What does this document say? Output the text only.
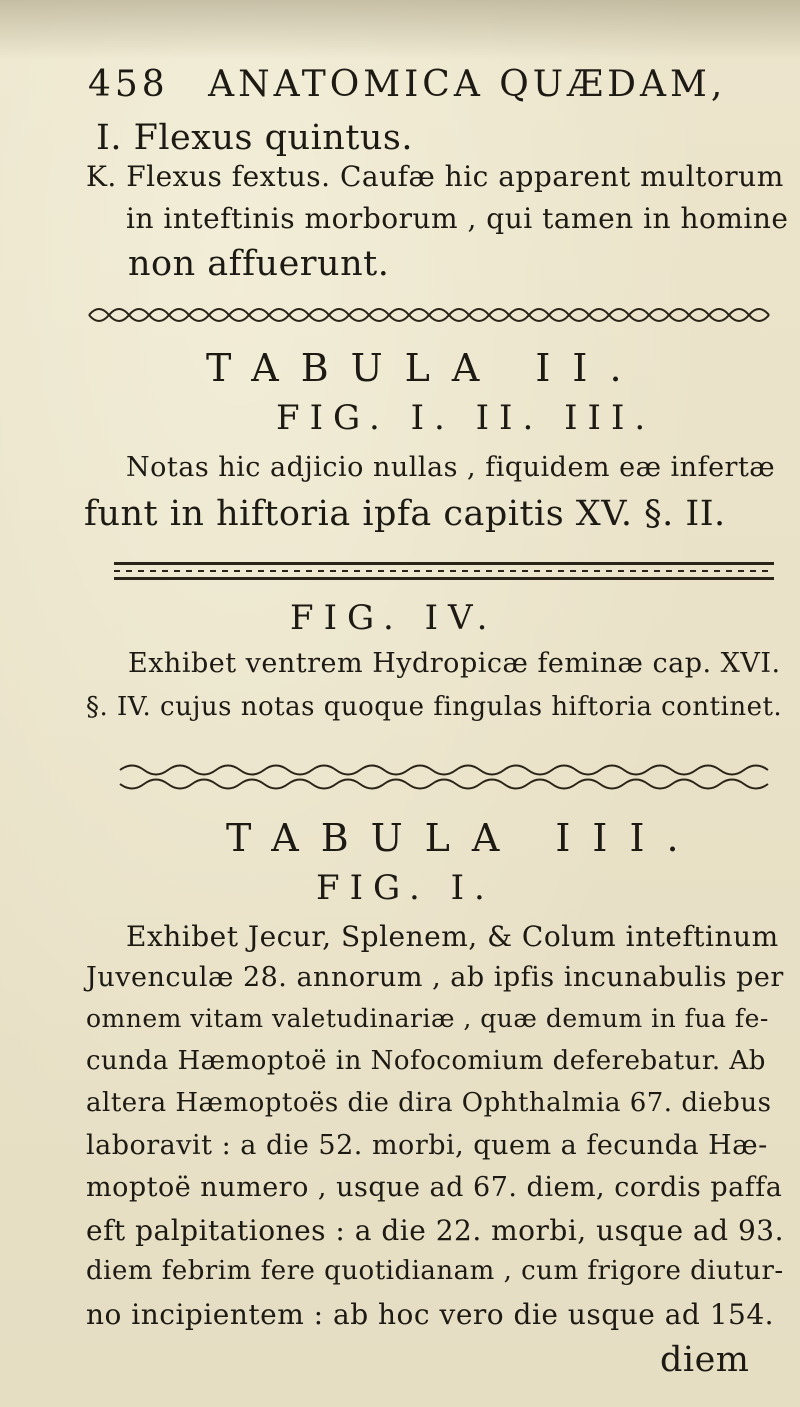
458 ANATOMICA QUÆDAM,
I. Flexus quintus.
K. Flexus fextus. Caufæ hic apparent multorum
in inteftinis morborum , qui tamen in homine
non affuerunt.
TABULA II.
FIG. I. II. III.
Notas hic adjicio nullas , fiquidem eæ infertæ
funt in hiftoria ipfa capitis XV. §. II.
FIG. IV.
Exhibet ventrem Hydropicæ feminæ cap. XVI.
§. IV. cujus notas quoque fingulas hiftoria continet.
TABULA III.
FIG. I.
Exhibet Jecur, Splenem, & Colum inteftinum
Juvenculæ 28. annorum , ab ipfis incunabulis per
omnem vitam valetudinariæ , quæ demum in fua fe-
cunda Hæmoptoë in Nofocomium deferebatur. Ab
altera Hæmoptoës die dira Ophthalmia 67. diebus
laboravit : a die 52. morbi, quem a fecunda Hæ-
moptoë numero , usque ad 67. diem, cordis paffa
eft palpitationes : a die 22. morbi, usque ad 93.
diem febrim fere quotidianam , cum frigore diutur-
no incipientem : ab hoc vero die usque ad 154.
diem
